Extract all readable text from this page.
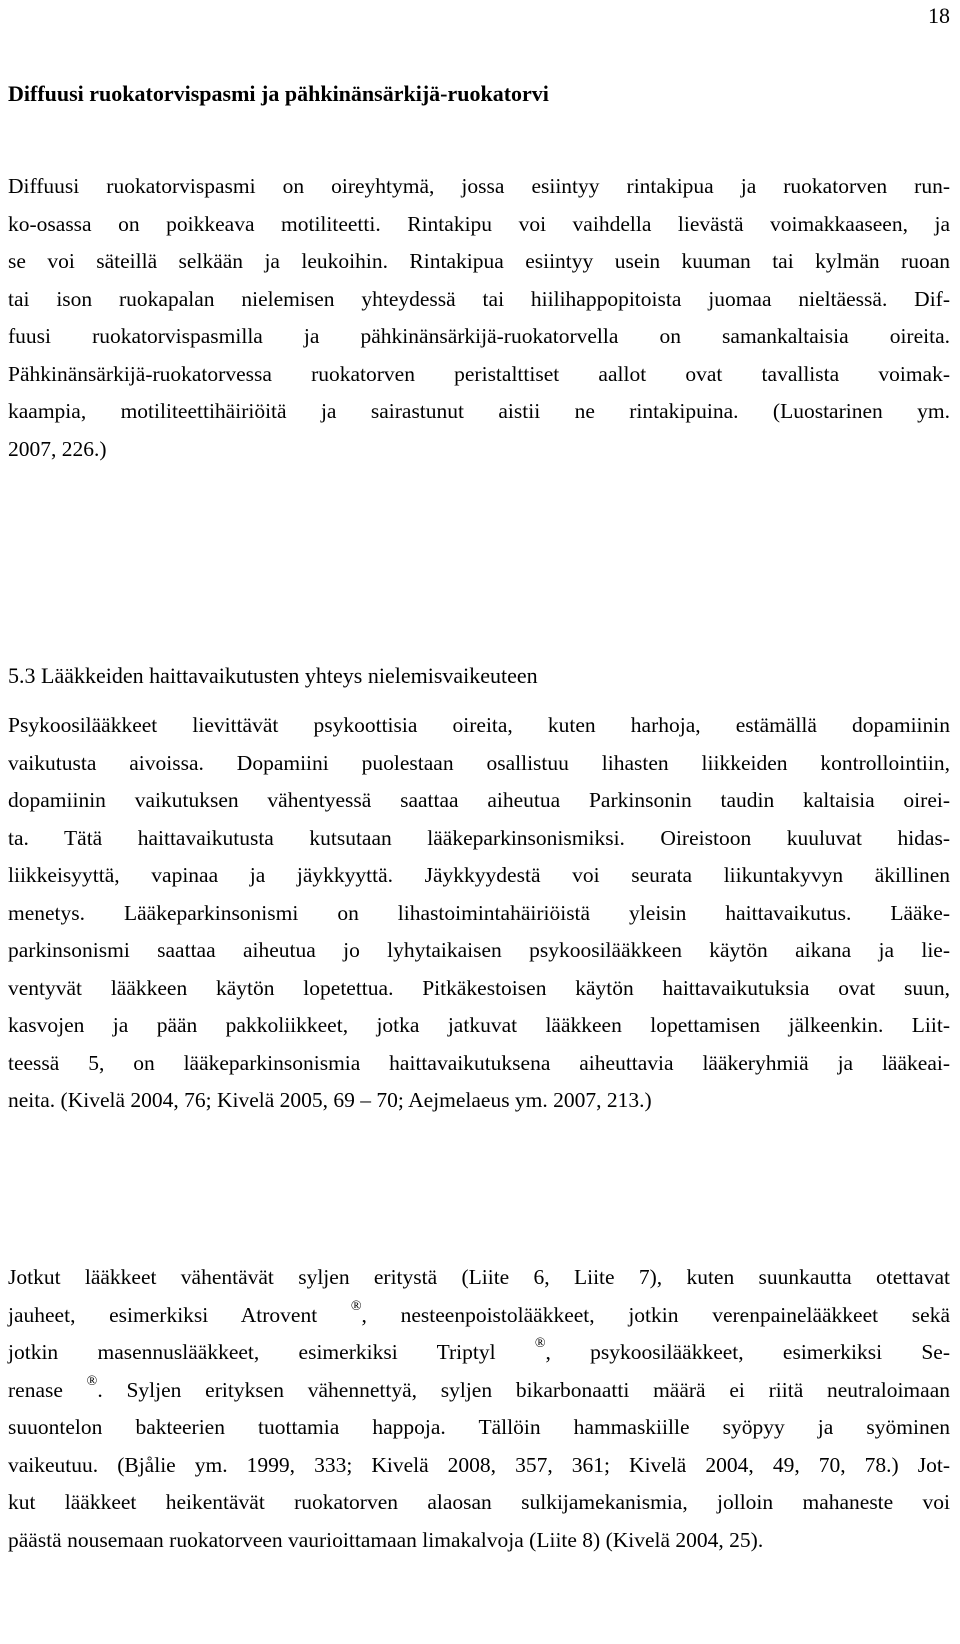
18
Diffuusi ruokatorvispasmi ja pähkinänsärkijä-ruokatorvi
Diffuusi ruokatorvispasmi on oireyhtymä, jossa esiintyy rintakipua ja ruokatorven run-
ko-osassa on poikkeava motiliteetti. Rintakipu voi vaihdella lievästä voimakkaaseen, ja
se voi säteillä selkään ja leukoihin. Rintakipua esiintyy usein kuuman tai kylmän ruoan
tai ison ruokapalan nielemisen yhteydessä tai hiilihappopitoista juomaa nieltäessä. Dif-
fuusi ruokatorvispasmilla ja pähkinänsärkijä-ruokatorvella on samankaltaisia oireita.
Pähkinänsärkijä-ruokatorvessa ruokatorven peristalttiset aallot ovat tavallista voimak-
kaampia, motiliteettihäiriöitä ja sairastunut aistii ne rintakipuina. (Luostarinen ym.
2007, 226.)
5.3 Lääkkeiden haittavaikutusten yhteys nielemisvaikeuteen
Psykoosilääkkeet lievittävät psykoottisia oireita, kuten harhoja, estämällä dopamiinin
vaikutusta aivoissa. Dopamiini puolestaan osallistuu lihasten liikkeiden kontrollointiin,
dopamiinin vaikutuksen vähentyessä saattaa aiheutua Parkinsonin taudin kaltaisia oirei-
ta. Tätä haittavaikutusta kutsutaan lääkeparkinsonismiksi. Oireistoon kuuluvat hidas-
liikkeisyyttä, vapinaa ja jäykkyyttä. Jäykkyydestä voi seurata liikuntakyvyn äkillinen
menetys. Lääkeparkinsonismi on lihastoimintahäiriöistä yleisin haittavaikutus. Lääke-
parkinsonismi saattaa aiheutua jo lyhytaikaisen psykoosilääkkeen käytön aikana ja lie-
ventyvät lääkkeen käytön lopetettua. Pitkäkestoisen käytön haittavaikutuksia ovat suun,
kasvojen ja pään pakkoliikkeet, jotka jatkuvat lääkkeen lopettamisen jälkeenkin. Liit-
teessä 5, on lääkeparkinsonismia haittavaikutuksena aiheuttavia lääkeryhmiä ja lääkeai-
neita. (Kivelä 2004, 76; Kivelä 2005, 69 – 70; Aejmelaeus ym. 2007, 213.)
Jotkut lääkkeet vähentävät syljen eritystä (Liite 6, Liite 7), kuten suunkautta otettavat
jauheet, esimerkiksi Atrovent ®, nesteenpoistolääkkeet, jotkin verenpainelääkkeet sekä
jotkin masennuslääkkeet, esimerkiksi Triptyl	®, psykoosilääkkeet, esimerkiksi Se-
renase ®. Syljen erityksen vähennettyä, syljen bikarbonaatti määrä ei riitä neutraloimaan
suuontelon bakteerien tuottamia happoja. Tällöin hammaskiille syöpyy ja syöminen
vaikeutuu. (Bjålie ym. 1999, 333; Kivelä 2008, 357, 361; Kivelä 2004, 49, 70, 78.) Jot-
kut lääkkeet heikentävät ruokatorven alaosan sulkijamekanismia, jolloin mahaneste voi
päästä nousemaan ruokatorveen vaurioittamaan limakalvoja (Liite 8) (Kivelä 2004, 25).
